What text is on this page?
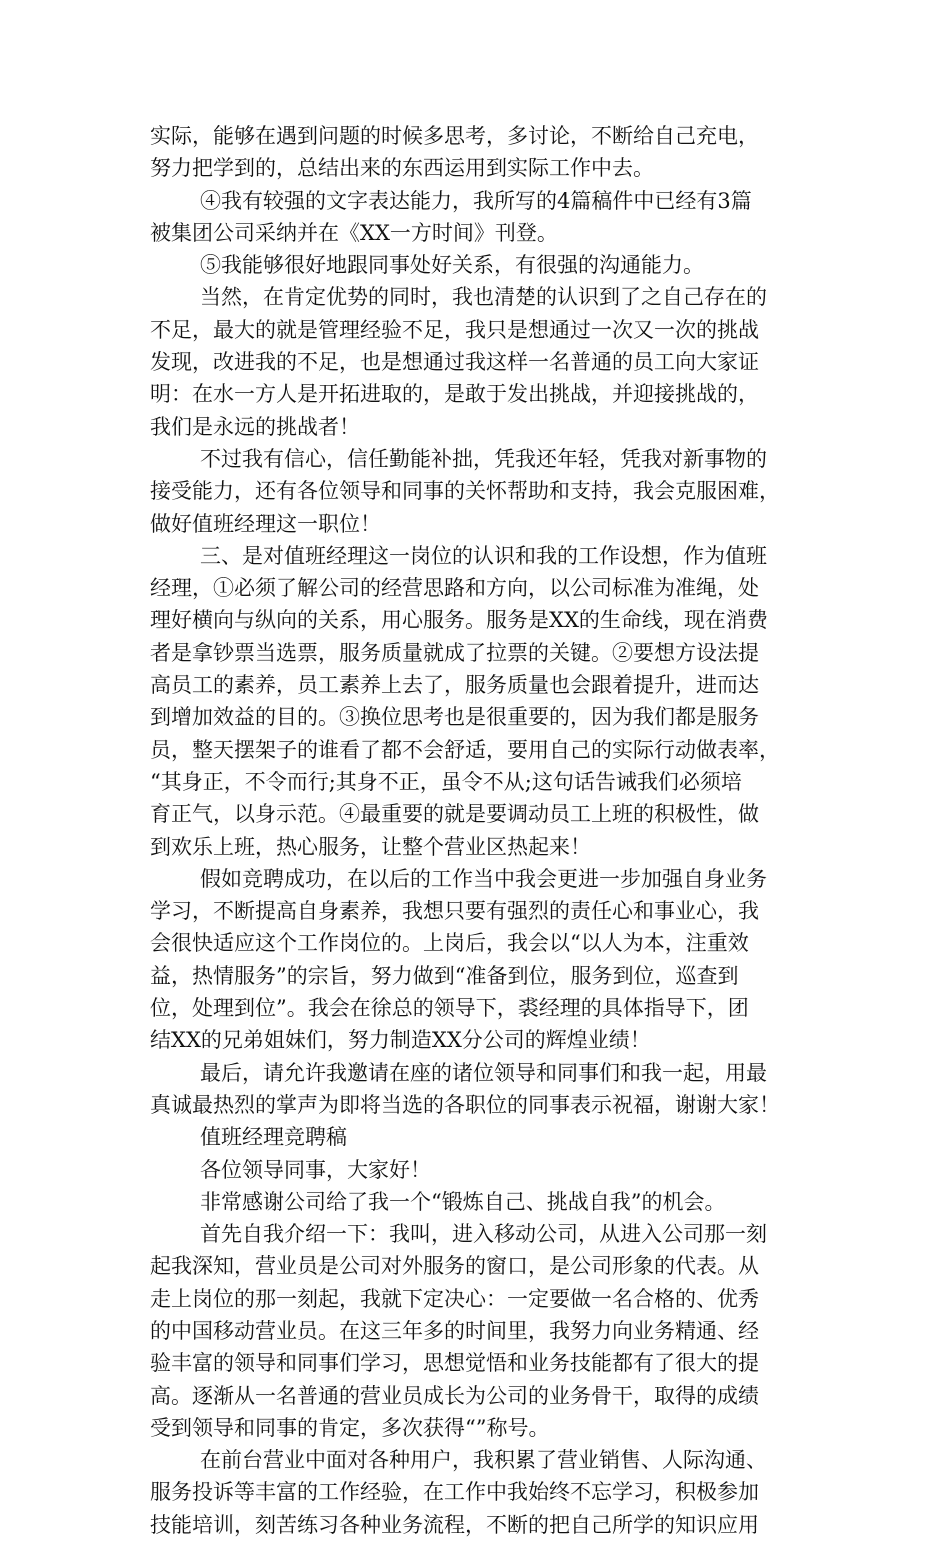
实际，能够在遇到问题的时候多思考，多讨论，不断给自己充电，
努力把学到的，总结出来的东西运用到实际工作中去。
④我有较强的文字表达能力，我所写的4篇稿件中已经有3篇
被集团公司采纳并在《XX一方时间》刊登。
⑤我能够很好地跟同事处好关系，有很强的沟通能力。
当然，在肯定优势的同时，我也清楚的认识到了之自己存在的
不足，最大的就是管理经验不足，我只是想通过一次又一次的挑战
发现，改进我的不足，也是想通过我这样一名普通的员工向大家证
明：在水一方人是开拓进取的，是敢于发出挑战，并迎接挑战的，
我们是永远的挑战者！
不过我有信心，信任勤能补拙，凭我还年轻，凭我对新事物的
接受能力，还有各位领导和同事的关怀帮助和支持，我会克服困难，
做好值班经理这一职位！
三、是对值班经理这一岗位的认识和我的工作设想，作为值班
经理，①必须了解公司的经营思路和方向，以公司标准为准绳，处
理好横向与纵向的关系，用心服务。服务是XX的生命线，现在消费
者是拿钞票当选票，服务质量就成了拉票的关键。②要想方设法提
高员工的素养，员工素养上去了，服务质量也会跟着提升，进而达
到增加效益的目的。③换位思考也是很重要的，因为我们都是服务
员，整天摆架子的谁看了都不会舒适，要用自己的实际行动做表率，
“其身正，不令而行;其身不正，虽令不从;这句话告诫我们必须培
育正气，以身示范。④最重要的就是要调动员工上班的积极性，做
到欢乐上班，热心服务，让整个营业区热起来！
假如竞聘成功，在以后的工作当中我会更进一步加强自身业务
学习，不断提高自身素养，我想只要有强烈的责任心和事业心，我
会很快适应这个工作岗位的。上岗后，我会以“以人为本，注重效
益，热情服务”的宗旨，努力做到“准备到位，服务到位，巡查到
位，处理到位”。我会在徐总的领导下，裘经理的具体指导下，团
结XX的兄弟姐妹们，努力制造XX分公司的辉煌业绩！
最后，请允许我邀请在座的诸位领导和同事们和我一起，用最
真诚最热烈的掌声为即将当选的各职位的同事表示祝福，谢谢大家！
值班经理竞聘稿
各位领导同事，大家好！
非常感谢公司给了我一个“锻炼自己、挑战自我”的机会。
首先自我介绍一下：我叫，进入移动公司，从进入公司那一刻
起我深知，营业员是公司对外服务的窗口，是公司形象的代表。从
走上岗位的那一刻起，我就下定决心：一定要做一名合格的、优秀
的中国移动营业员。在这三年多的时间里，我努力向业务精通、经
验丰富的领导和同事们学习，思想觉悟和业务技能都有了很大的提
高。逐渐从一名普通的营业员成长为公司的业务骨干，取得的成绩
受到领导和同事的肯定，多次获得“”称号。
在前台营业中面对各种用户，我积累了营业销售、人际沟通、
服务投诉等丰富的工作经验，在工作中我始终不忘学习，积极参加
技能培训，刻苦练习各种业务流程，不断的把自己所学的知识应用
